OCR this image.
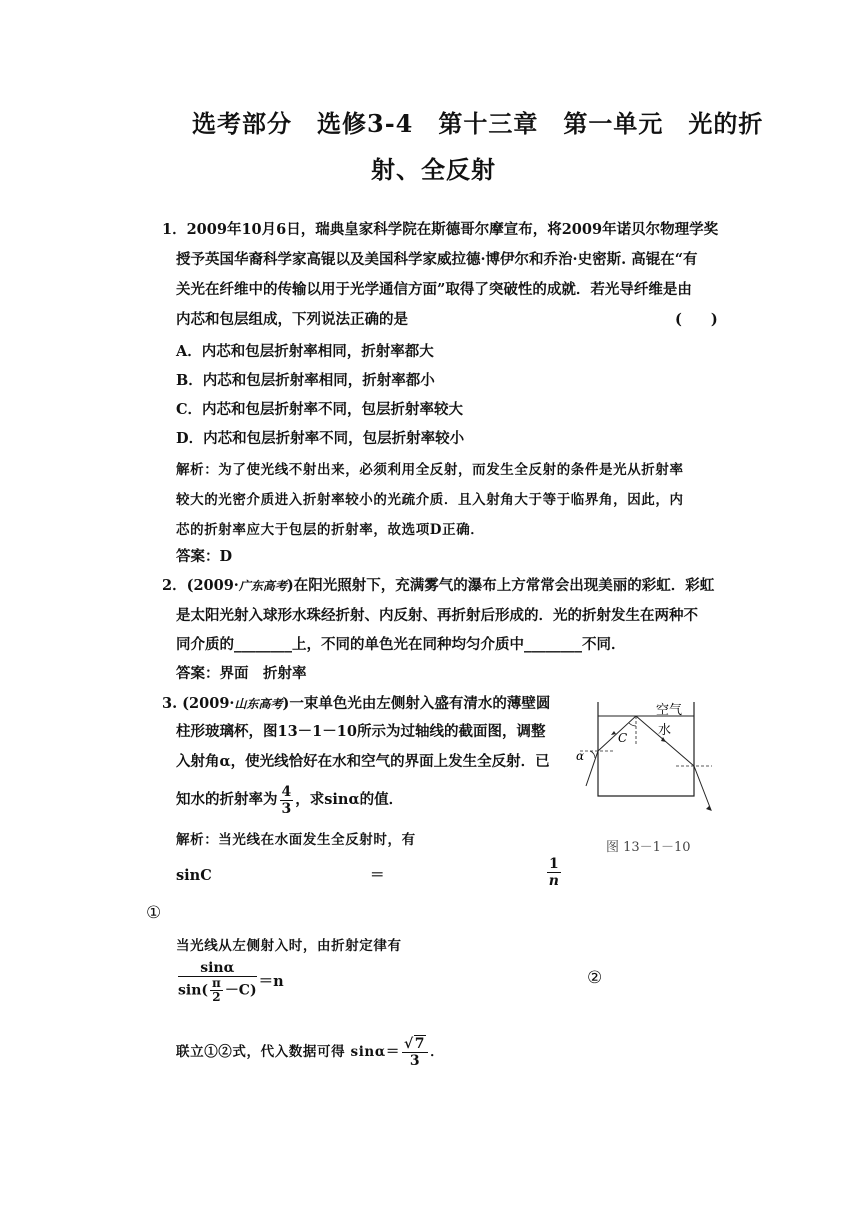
选考部分　选修3-4　第十三章　第一单元　光的折
射、全反射
1．2009年10月6日，瑞典皇家科学院在斯德哥尔摩宣布，将2009年诺贝尔物理学奖
授予英国华裔科学家高锟以及美国科学家威拉德·博伊尔和乔治·史密斯. 高锟在“有
关光在纤维中的传输以用于光学通信方面”取得了突破性的成就．若光导纤维是由
内芯和包层组成，下列说法正确的是	(　　)
A．内芯和包层折射率相同，折射率都大
B．内芯和包层折射率相同，折射率都小
C．内芯和包层折射率不同，包层折射率较大
D．内芯和包层折射率不同，包层折射率较小
解析：为了使光线不射出来，必须利用全反射，而发生全反射的条件是光从折射率
较大的光密介质进入折射率较小的光疏介质．且入射角大于等于临界角，因此，内
芯的折射率应大于包层的折射率，故选项D正确．
答案：D
2．(2009·广东高考)在阳光照射下，充满雾气的瀑布上方常常会出现美丽的彩虹．彩虹
是太阳光射入球形水珠经折射、内反射、再折射后形成的．光的折射发生在两种不
同介质的________上，不同的单色光在同种均匀介质中________不同．
答案：界面　折射率
3. (2009·山东高考)一束单色光由左侧射入盛有清水的薄壁圆
柱形玻璃杯，图13－1－10所示为过轴线的截面图，调整
入射角α，使光线恰好在水和空气的界面上发生全反射．已
知水的折射率为 $\frac{4}{3}$ ，求sinα的值．
解析：当光线在水面发生全反射时，有
sinC	＝	$\frac{1}{n}$
①
当光线从左侧射入时，由折射定律有
$\frac{\sin\alpha}{\sin( \frac{\pi}{2} -C)} =n$	②
联立①②式，代入数据可得 $\sin\alpha= \frac{√7}{3}$ ．
空气
水
C
α
图 13－1－10
